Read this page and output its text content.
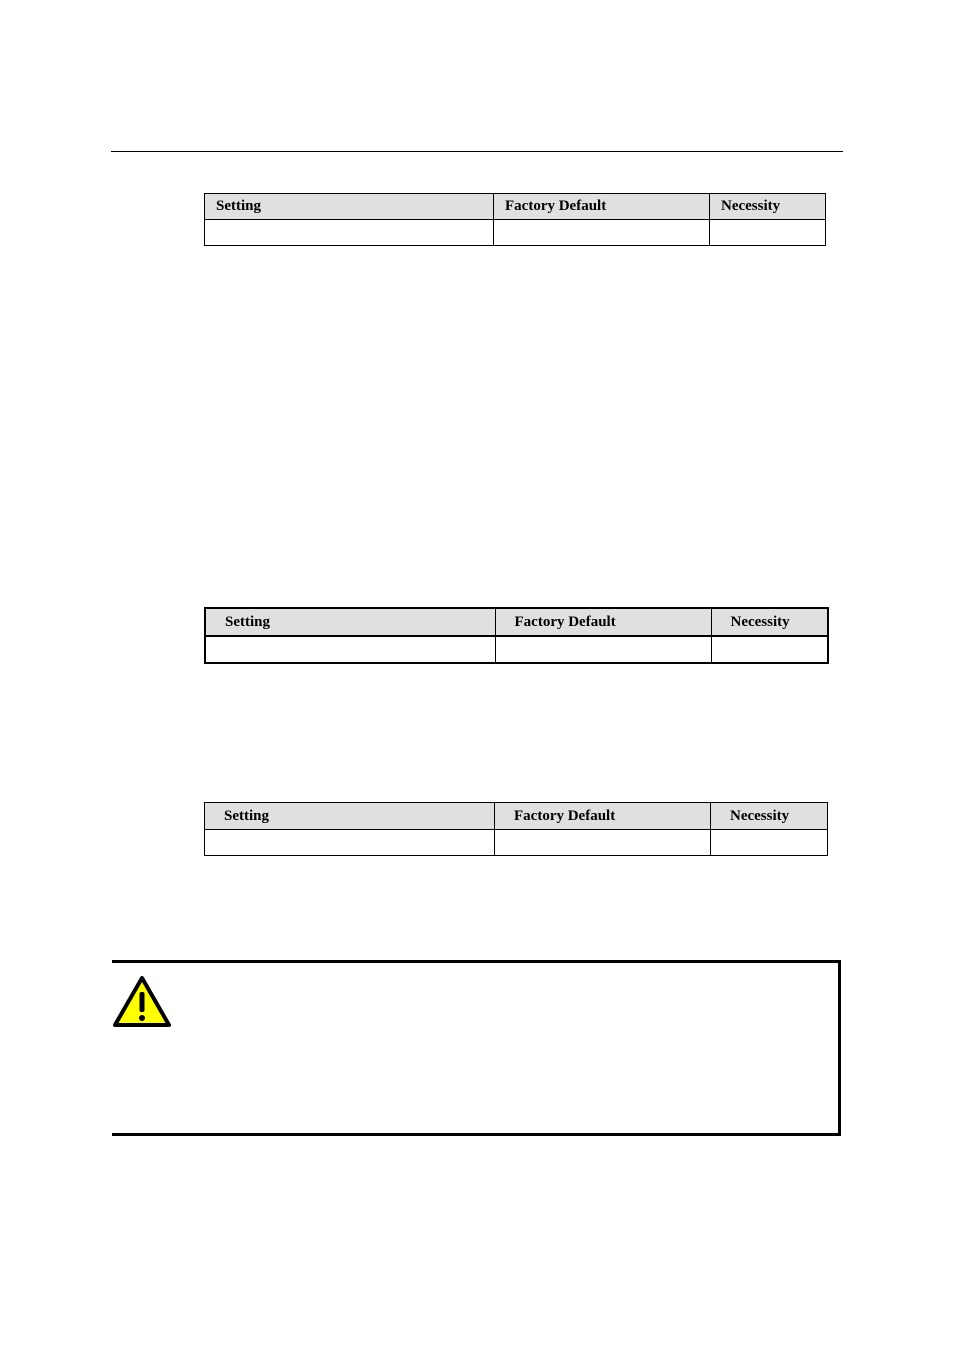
Setting	Factory Default	Necessity

Setting	Factory Default	Necessity

Setting	Factory Default	Necessity
